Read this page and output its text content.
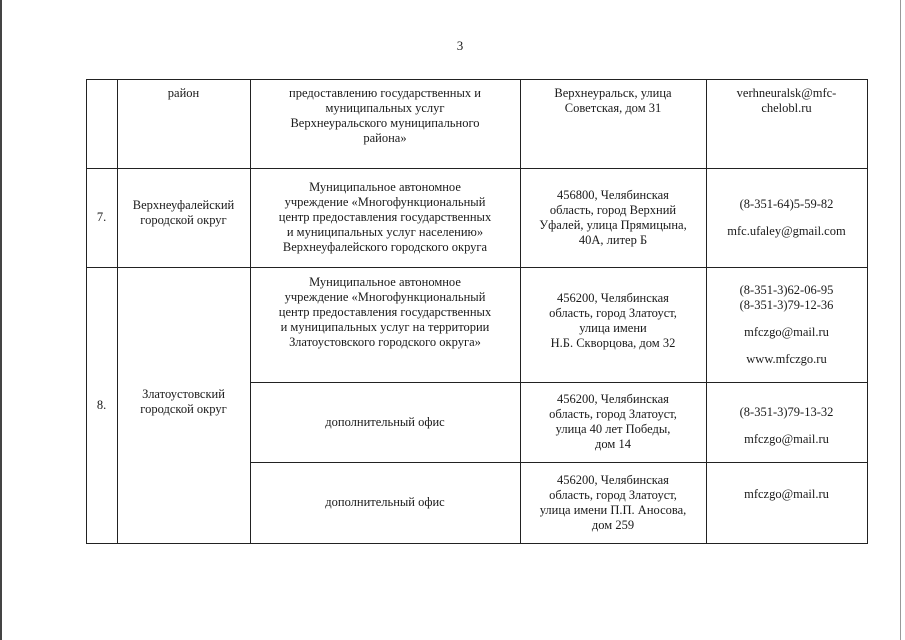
3
район	предоставлению государственных и
муниципальных услуг
Верхнеуральского муниципального
района»
Верхнеуральск, улица
Советская, дом 31
verhneuralsk@mfc-
chelobl.ru
7.
Верхнеуфалейский
городской округ
Муниципальное автономное
учреждение «Многофункциональный
центр предоставления государственных
и муниципальных услуг населению»
Верхнеуфалейского городского округа
456800, Челябинская
область, город Верхний
Уфалей, улица Прямицына,
40А, литер Б
(8-351-64)5-59-82
mfc.ufaley@gmail.com
8.
Златоустовский
городской округ
Муниципальное автономное
учреждение «Многофункциональный
центр предоставления государственных
и муниципальных услуг на территории
Златоустовского городского округа»
456200, Челябинская
область, город Златоуст,
улица имени
Н.Б. Скворцова, дом 32
(8-351-3)62-06-95
(8-351-3)79-12-36
mfczgo@mail.ru
www.mfczgo.ru
дополнительный офис
456200, Челябинская
область, город Златоуст,
улица 40 лет Победы,
дом 14
(8-351-3)79-13-32
mfczgo@mail.ru
дополнительный офис
456200, Челябинская
область, город Златоуст,
улица имени П.П. Аносова,
дом 259
mfczgo@mail.ru
